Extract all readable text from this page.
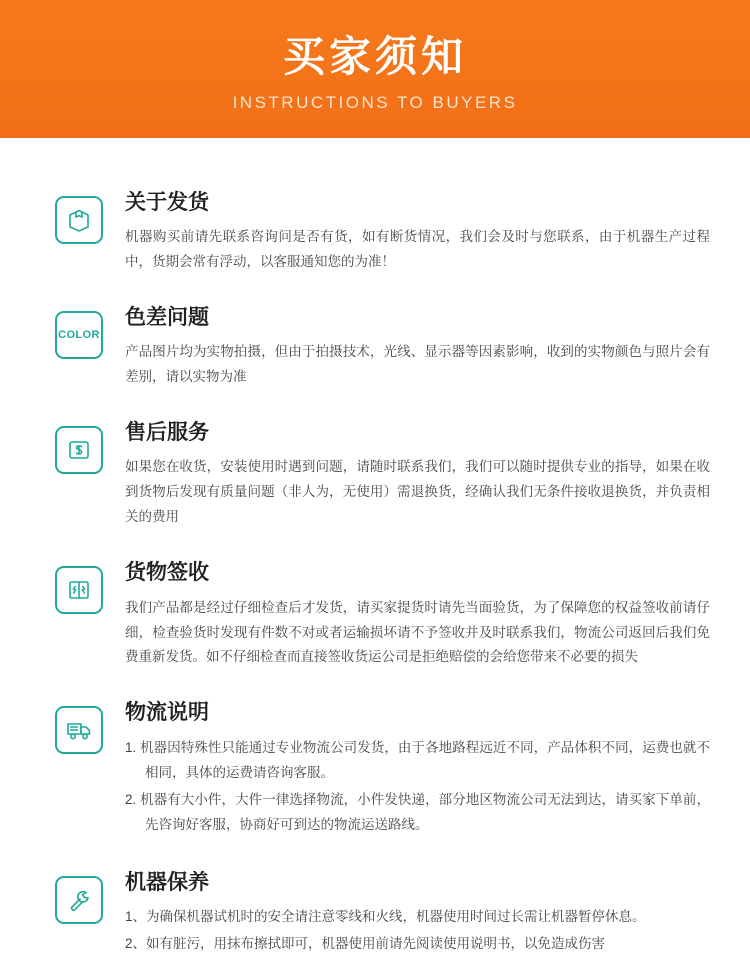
买家须知
INSTRUCTIONS TO BUYERS
关于发货

机器购买前请先联系咨询问是否有货，如有断货情况，我们会及时与您联系，由于机器生产过程中，货期会常有浮动，以客服通知您的为准！

COLOR
色差问题

产品图片均为实物拍摄，但由于拍摄技术，光线、显示器等因素影响，收到的实物颜色与照片会有差别，请以实物为准

售后服务

如果您在收货，安装使用时遇到问题，请随时联系我们，我们可以随时提供专业的指导，如果在收到货物后发现有质量问题（非人为，无使用）需退换货，经确认我们无条件接收退换货，并负责相关的费用

货物签收

我们产品都是经过仔细检查后才发货，请买家提货时请先当面验货，为了保障您的权益签收前请仔细，检查验货时发现有件数不对或者运输损坏请不予签收并及时联系我们，物流公司返回后我们免费重新发货。如不仔细检查而直接签收货运公司是拒绝赔偿的会给您带来不必要的损失

物流说明
1. 机器因特殊性只能通过专业物流公司发货，由于各地路程远近不同，产品体积不同，运费也就不相同，具体的运费请咨询客服。
2. 机器有大小件，大件一律选择物流，小件发快递，部分地区物流公司无法到达，请买家下单前，先咨询好客服，协商好可到达的物流运送路线。
机器保养
1、为确保机器试机时的安全请注意零线和火线，机器使用时间过长需让机器暂停休息。
2、如有脏污，用抹布擦拭即可，机器使用前请先阅读使用说明书，以免造成伤害
